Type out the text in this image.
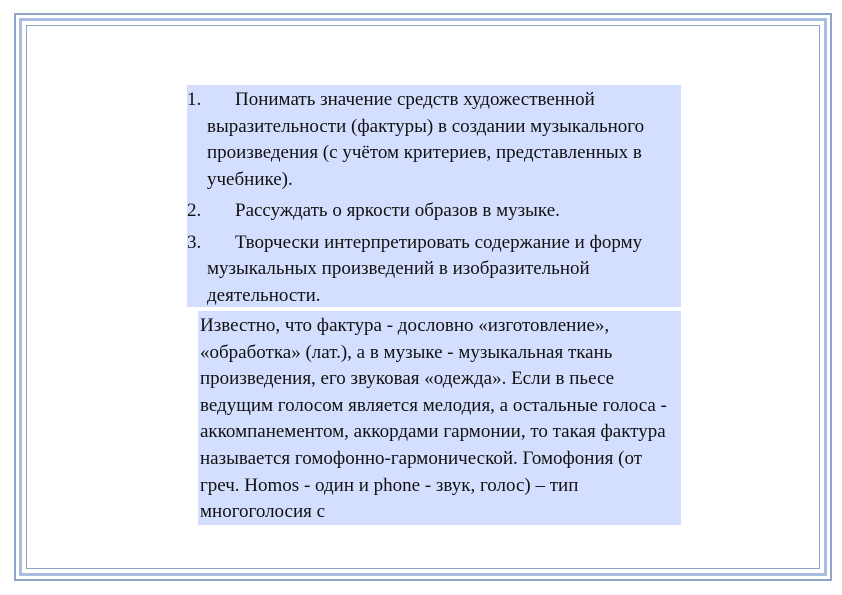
1. Понимать значение средств художественной выразительности (фактуры) в создании музыкального произведения (с учётом критериев, представленных в учебнике).
2. Рассуждать о яркости образов в музыке.
3. Творчески интерпретировать содержание и форму музыкальных произведений в изобразительной деятельности.

Известно, что фактура - дословно «изготовление», «обработка» (лат.), а в музыке - музыкальная ткань произведения, его звуковая «одежда». Если в пьесе ведущим голосом является мелодия, а остальные голоса - аккомпанементом, аккордами гармонии, то такая фактура называется гомофонно-гармонической. Гомофония (от греч. Homos - один и phone - звук, голос) – тип многоголосия с
